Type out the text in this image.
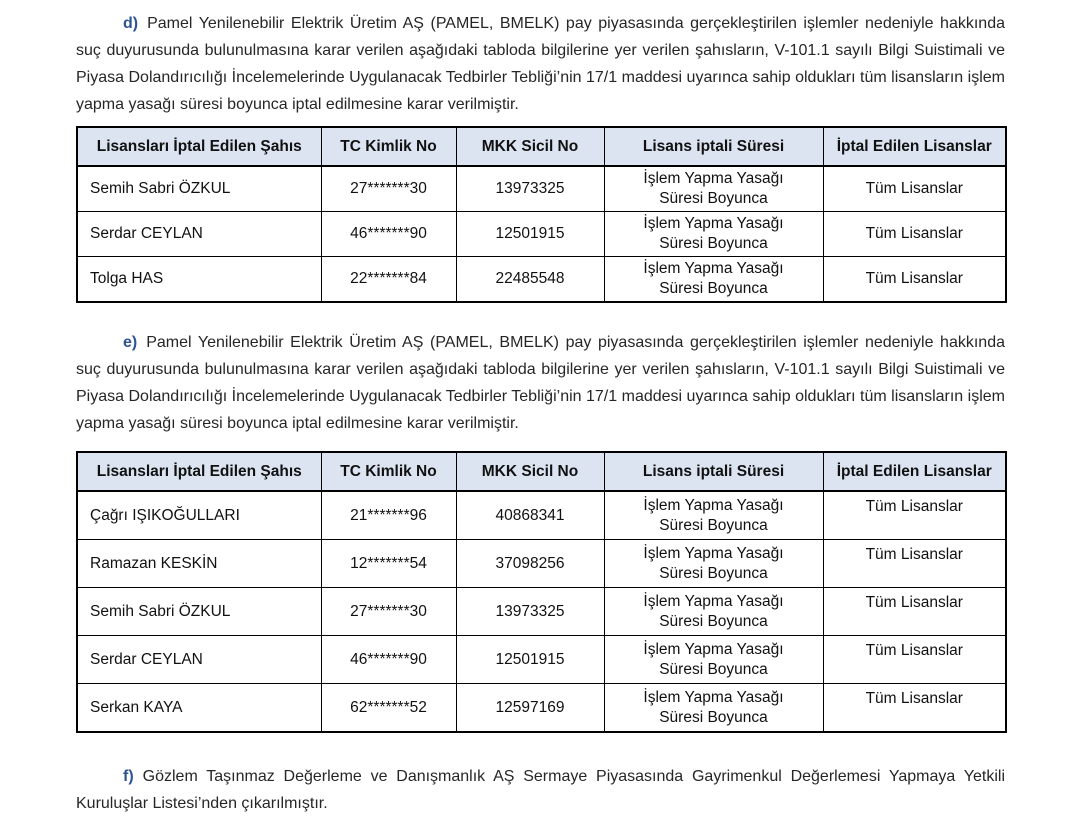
d) Pamel Yenilenebilir Elektrik Üretim AŞ (PAMEL, BMELK) pay piyasasında gerçekleştirilen işlemler nedeniyle hakkında suç duyurusunda bulunulmasına karar verilen aşağıdaki tabloda bilgilerine yer verilen şahısların, V-101.1 sayılı Bilgi Suistimali ve Piyasa Dolandırıcılığı İncelemelerinde Uygulanacak Tedbirler Tebliği’nin 17/1 maddesi uyarınca sahip oldukları tüm lisansların işlem yapma yasağı süresi boyunca iptal edilmesine karar verilmiştir.

Lisansları İptal Edilen Şahıs	TC Kimlik No	MKK Sicil No	Lisans iptali Süresi	İptal Edilen Lisanslar
Semih Sabri ÖZKUL	27*******30	13973325	İşlem Yapma Yasağı Süresi Boyunca	Tüm Lisanslar
Serdar CEYLAN	46*******90	12501915	İşlem Yapma Yasağı Süresi Boyunca	Tüm Lisanslar
Tolga HAS	22*******84	22485548	İşlem Yapma Yasağı Süresi Boyunca	Tüm Lisanslar

e) Pamel Yenilenebilir Elektrik Üretim AŞ (PAMEL, BMELK) pay piyasasında gerçekleştirilen işlemler nedeniyle hakkında suç duyurusunda bulunulmasına karar verilen aşağıdaki tabloda bilgilerine yer verilen şahısların, V-101.1 sayılı Bilgi Suistimali ve Piyasa Dolandırıcılığı İncelemelerinde Uygulanacak Tedbirler Tebliği’nin 17/1 maddesi uyarınca sahip oldukları tüm lisansların işlem yapma yasağı süresi boyunca iptal edilmesine karar verilmiştir.

Lisansları İptal Edilen Şahıs	TC Kimlik No	MKK Sicil No	Lisans iptali Süresi	İptal Edilen Lisanslar
Çağrı IŞIKOĞULLARI	21*******96	40868341	İşlem Yapma Yasağı Süresi Boyunca	Tüm Lisanslar
Ramazan KESKİN	12*******54	37098256	İşlem Yapma Yasağı Süresi Boyunca	Tüm Lisanslar
Semih Sabri ÖZKUL	27*******30	13973325	İşlem Yapma Yasağı Süresi Boyunca	Tüm Lisanslar
Serdar CEYLAN	46*******90	12501915	İşlem Yapma Yasağı Süresi Boyunca	Tüm Lisanslar
Serkan KAYA	62*******52	12597169	İşlem Yapma Yasağı Süresi Boyunca	Tüm Lisanslar

f) Gözlem Taşınmaz Değerleme ve Danışmanlık AŞ Sermaye Piyasasında Gayrimenkul Değerlemesi Yapmaya Yetkili Kuruluşlar Listesi’nden çıkarılmıştır.
